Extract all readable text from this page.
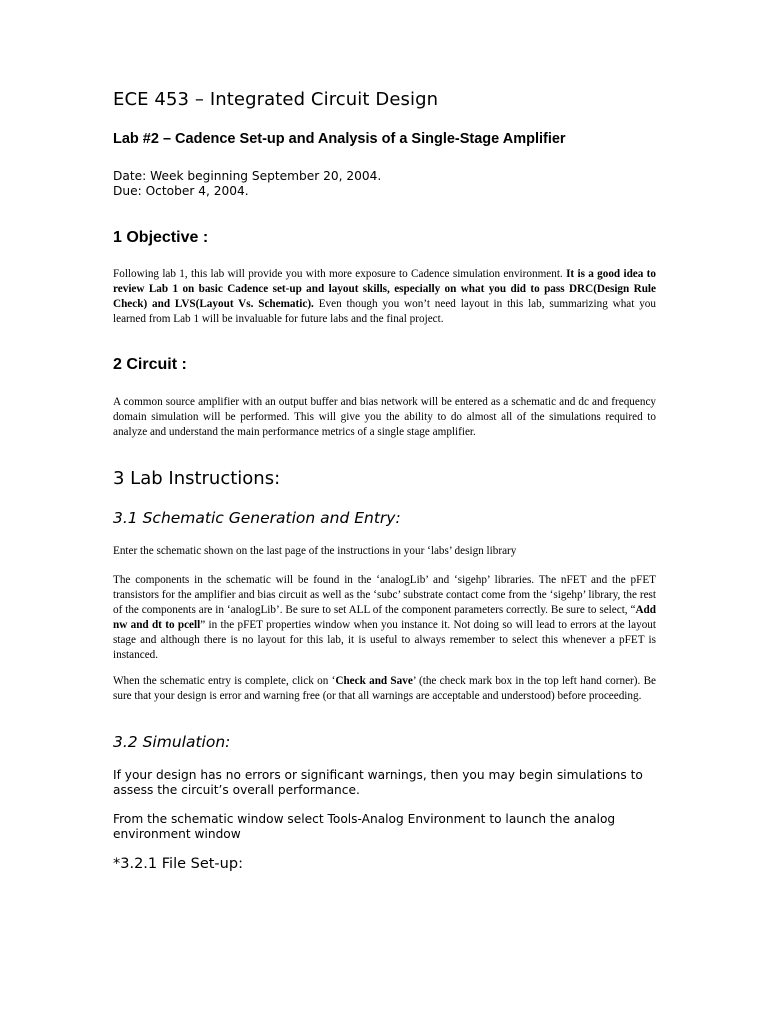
ECE 453 – Integrated Circuit Design
Lab #2 – Cadence Set-up and Analysis of a Single-Stage Amplifier
Date: Week beginning September 20, 2004.
Due: October 4, 2004.
1 Objective :

Following lab 1, this lab will provide you with more exposure to Cadence simulation environment. It is a good idea to review Lab 1 on basic Cadence set-up and layout skills, especially on what you did to pass DRC(Design Rule Check) and LVS(Layout Vs. Schematic). Even though you won’t need layout in this lab, summarizing what you learned from Lab 1 will be invaluable for future labs and the final project.

2 Circuit :

A common source amplifier with an output buffer and bias network will be entered as a schematic and dc and frequency domain simulation will be performed. This will give you the ability to do almost all of the simulations required to analyze and understand the main performance metrics of a single stage amplifier.

3 Lab Instructions:
3.1 Schematic Generation and Entry:

Enter the schematic shown on the last page of the instructions in your ‘labs’ design library

The components in the schematic will be found in the ‘analogLib’ and ‘sigehp’ libraries. The nFET and the pFET transistors for the amplifier and bias circuit as well as the ‘subc’ substrate contact come from the ‘sigehp’ library, the rest of the components are in ‘analogLib’. Be sure to set ALL of the component parameters correctly. Be sure to select, “Add nw and dt to pcell” in the pFET properties window when you instance it. Not doing so will lead to errors at the layout stage and although there is no layout for this lab, it is useful to always remember to select this whenever a pFET is instanced.

When the schematic entry is complete, click on ‘Check and Save’ (the check mark box in the top left hand corner). Be sure that your design is error and warning free (or that all warnings are acceptable and understood) before proceeding.

3.2 Simulation:

If your design has no errors or significant warnings, then you may begin simulations to assess the circuit’s overall performance.

From the schematic window select Tools-Analog Environment to launch the analog environment window

*3.2.1 File Set-up:
